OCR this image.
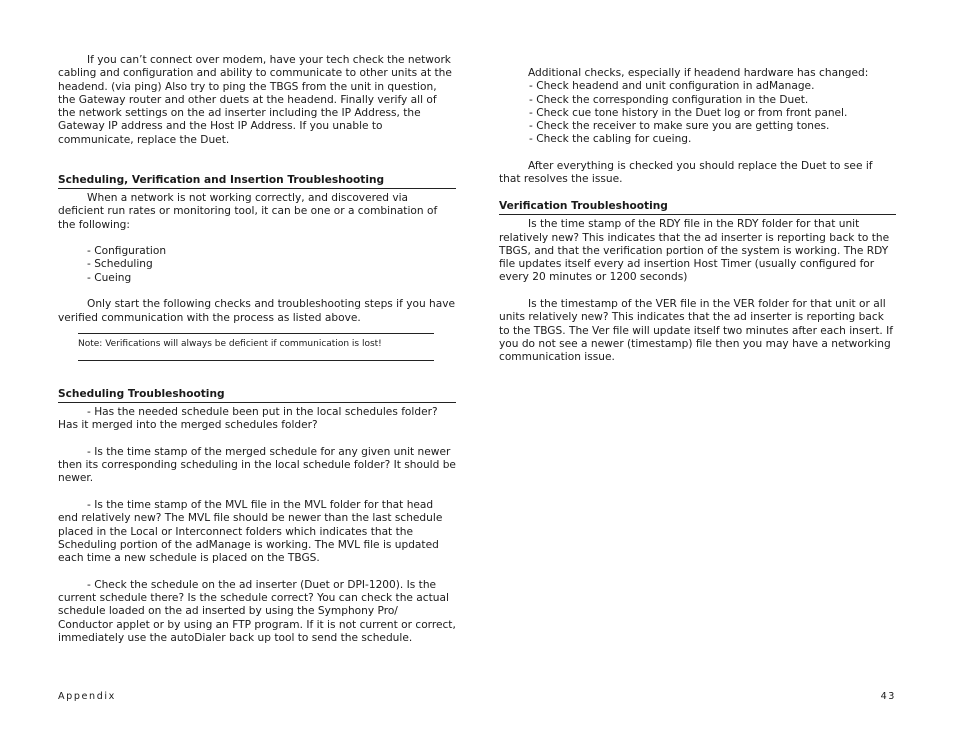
If you can’t connect over modem, have your tech check the network cabling and configuration and ability to communicate to other units at the headend. (via ping) Also try to ping the TBGS from the unit in question, the Gateway router and other duets at the headend. Finally verify all of the network settings on the ad inserter including the IP Address, the Gateway IP address and the Host IP Address. If you unable to communicate, replace the Duet.

Scheduling, Verification and Insertion Troubleshooting

When a network is not working correctly, and discovered via deficient run rates or monitoring tool, it can be one or a combination of the following:

- Configuration
- Scheduling
- Cueing

Only start the following checks and troubleshooting steps if you have verified communication with the process as listed above.

Note: Verifications will always be deficient if communication is lost!
Scheduling Troubleshooting

- Has the needed schedule been put in the local schedules folder? Has it merged into the merged schedules folder?

- Is the time stamp of the merged schedule for any given unit newer then its corresponding scheduling in the local schedule folder? It should be newer.

- Is the time stamp of the MVL file in the MVL folder for that head end relatively new? The MVL file should be newer than the last schedule placed in the Local or Interconnect folders which indicates that the Scheduling portion of the adManage is working. The MVL file is updated each time a new schedule is placed on the TBGS.

- Check the schedule on the ad inserter (Duet or DPI-1200). Is the current schedule there? Is the schedule correct? You can check the actual schedule loaded on the ad inserted by using the Symphony Pro/ Conductor applet or by using an FTP program. If it is not current or correct, immediately use the autoDialer back up tool to send the schedule.

Additional checks, especially if headend hardware has changed:

- Check headend and unit configuration in adManage.
- Check the corresponding configuration in the Duet.
- Check cue tone history in the Duet log or from front panel.
- Check the receiver to make sure you are getting tones.
- Check the cabling for cueing.

After everything is checked you should replace the Duet to see if that resolves the issue.

Verification Troubleshooting

Is the time stamp of the RDY file in the RDY folder for that unit relatively new? This indicates that the ad inserter is reporting back to the TBGS, and that the verification portion of the system is working. The RDY file updates itself every ad insertion Host Timer (usually configured for every 20 minutes or 1200 seconds)

Is the timestamp of the VER file in the VER folder for that unit or all units relatively new? This indicates that the ad inserter is reporting back to the TBGS. The Ver file will update itself two minutes after each insert. If you do not see a newer (timestamp) file then you may have a networking communication issue.

Appendix	43
